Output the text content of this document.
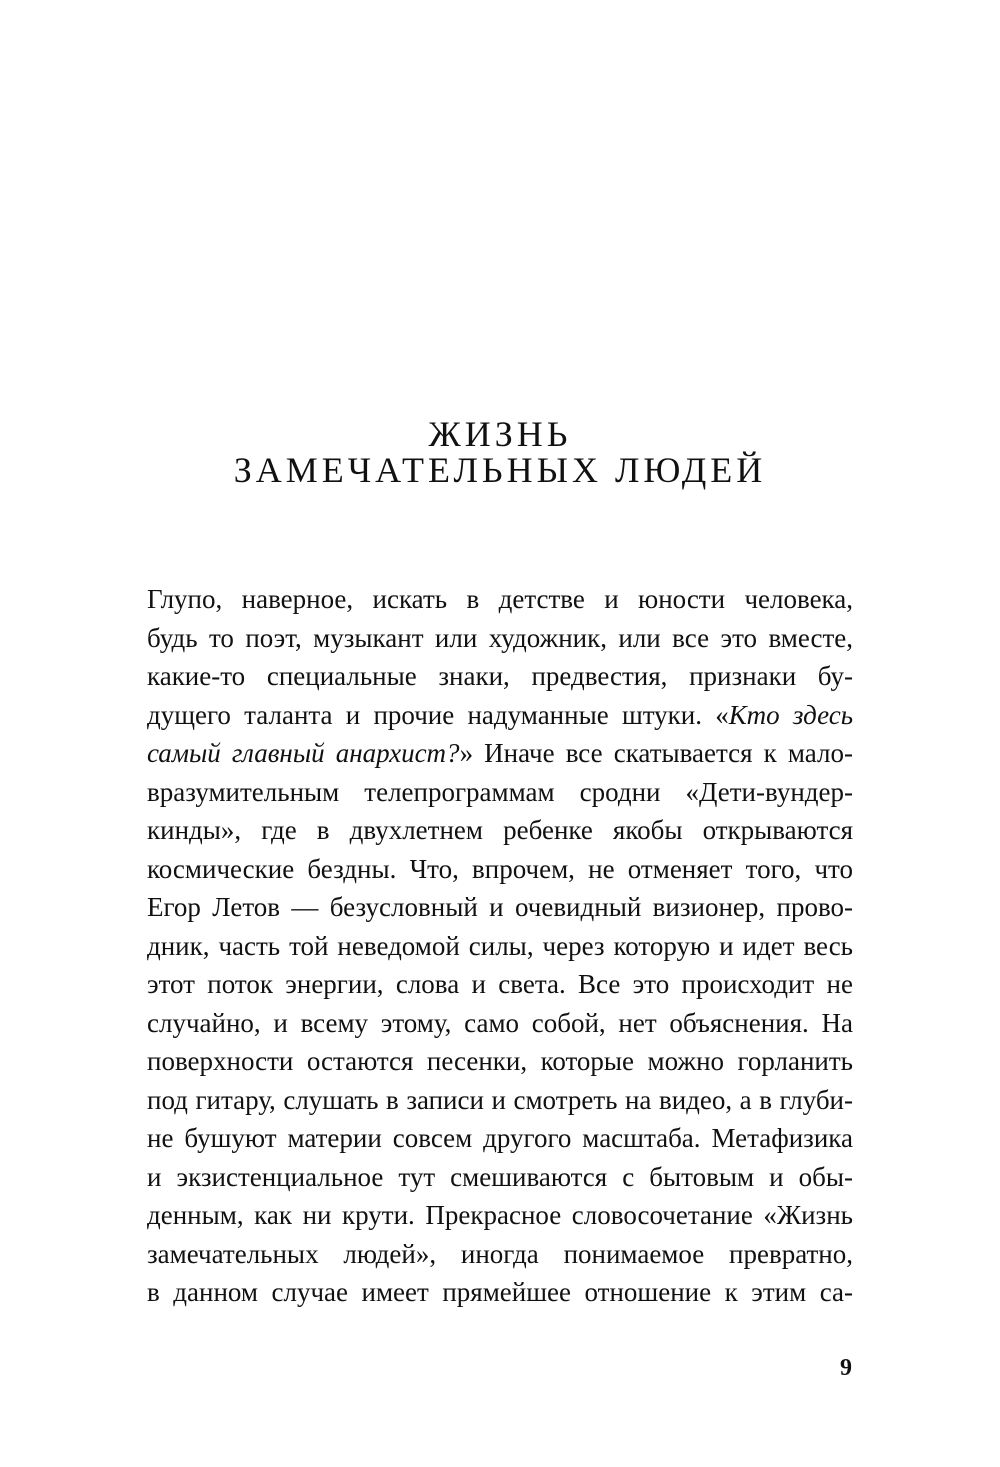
ЖИЗНЬ
ЗАМЕЧАТЕЛЬНЫХ ЛЮДЕЙ
Глупо, наверное, искать в детстве и юности человека,
будь то поэт, музыкант или художник, или все это вместе,
какие-то специальные знаки, предвестия, признаки бу-
дущего таланта и прочие надуманные штуки. «Кто здесь
самый главный анархист?» Иначе все скатывается к мало-
вразумительным телепрограммам сродни «Дети-вундер-
кинды», где в двухлетнем ребенке якобы открываются
космические бездны. Что, впрочем, не отменяет того, что
Егор Летов — безусловный и очевидный визионер, прово-
дник, часть той неведомой силы, через которую и идет весь
этот поток энергии, слова и света. Все это происходит не
случайно, и всему этому, само собой, нет объяснения. На
поверхности остаются песенки, которые можно горланить
под гитару, слушать в записи и смотреть на видео, а в глуби-
не бушуют материи совсем другого масштаба. Метафизика
и экзистенциальное тут смешиваются с бытовым и обы-
денным, как ни крути. Прекрасное словосочетание «Жизнь
замечательных людей», иногда понимаемое превратно,
в данном случае имеет прямейшее отношение к этим са-
9
